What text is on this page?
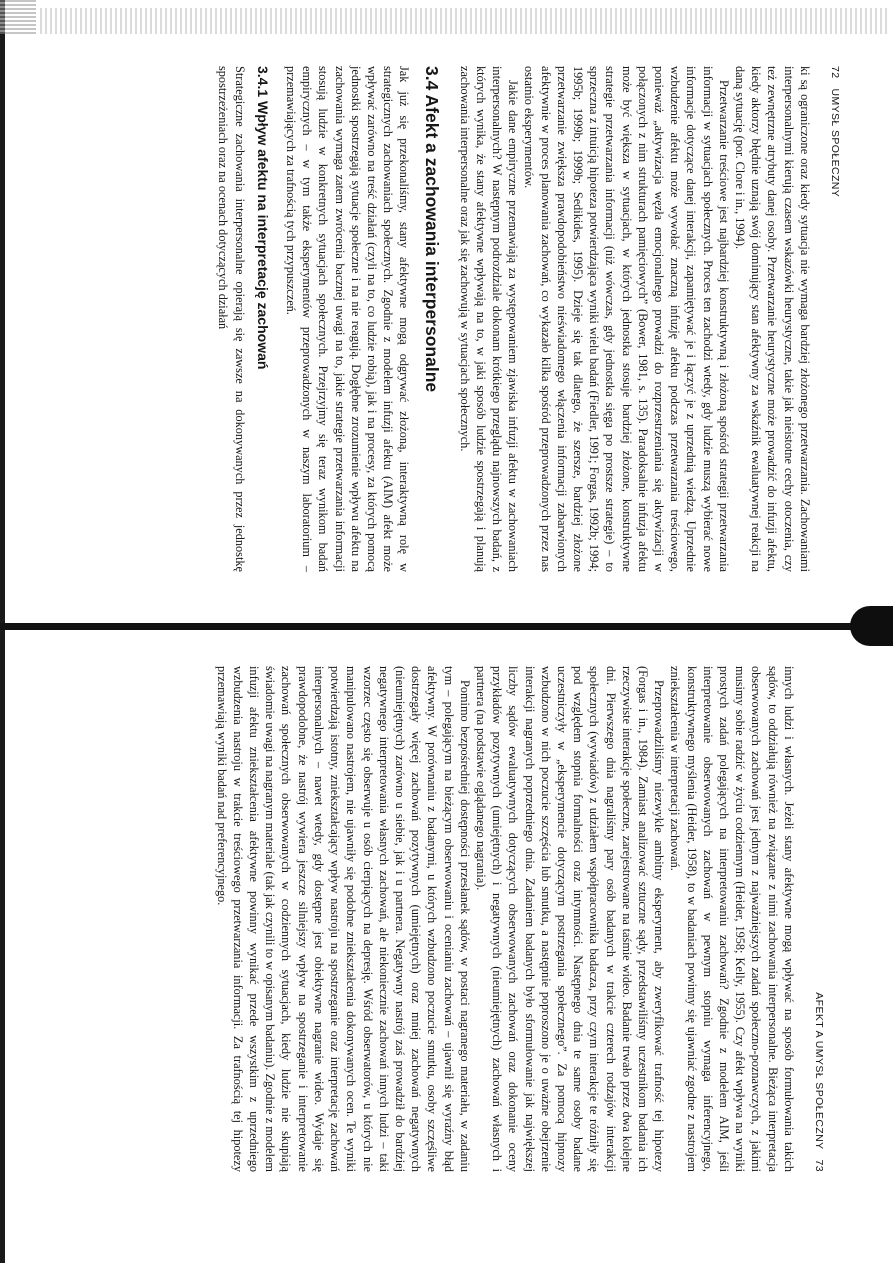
72
UMYSŁ SPOŁECZNY

ki są ograniczone oraz kiedy sytuacja nie wymaga bardziej złożonego przetwarzania. Zachowaniami interpersonalnymi kierują czasem wskazówki heurystyczne, takie jak nieistotne cechy otoczenia, czy też zewnętrzne atrybuty danej osoby. Przetwarzanie heurystyczne może prowadzić do infuzji afektu, kiedy aktorzy błędnie uznają swój dominujący stan afektywny za wskaźnik ewaluatywnej reakcji na daną sytuację (por. Clore i in., 1994).

Przetwarzanie treściowe jest najbardziej konstruktywną i złożoną spośród strategii przetwarzania informacji w sytuacjach społecznych. Proces ten zachodzi wtedy, gdy ludzie muszą wybierać nowe informacje dotyczące danej interakcji, zapamiętywać je i łączyć je z uprzednią wiedzą. Uprzednie wzbudzenie afektu może wywołać znaczną infuzję afektu podczas przetwarzania treściowego, ponieważ „aktywizacja węzła emocjonalnego prowadzi do rozprzestrzeniania się aktywizacji w połączonych z nim strukturach pamięciowych” (Bower, 1981, s. 135). Paradoksalnie infuzja afektu może być większa w sytuacjach, w których jednostka stosuje bardziej złożone, konstruktywne strategie przetwarzania informacji (niż wówczas, gdy jednostka sięga po prostsze strategie) – to sprzeczna z intuicją hipoteza potwierdzająca wyniki wielu badań (Fiedler, 1991; Forgas, 1992b; 1994; 1995b; 1999b; 1999b; Sedikides, 1995). Dzieje się tak dlatego, że szersze, bardziej złożone przetwarzanie zwiększa prawdopodobieństwo nieświadomego włączenia informacji zabarwionych afektywnie w proces planowania zachowań, co wykazało kilka spośród przeprowadzonych przez nas ostatnio eksperymentów.

Jakie dane empiryczne przemawiają za występowaniem zjawiska infuzji afektu w zachowaniach interpersonalnych? W następnym podrozdziale dokonam krótkiego przeglądu najnowszych badań, z których wynika, że stany afektywne wpływają na to, w jaki sposób ludzie spostrzegają i planują zachowania interpersonalne oraz jak się zachowują w sytuacjach społecznych.

3.4 Afekt a zachowania interpersonalne

Jak już się przekonaliśmy, stany afektywne mogą odgrywać złożoną, interaktywną rolę w strategicznych zachowaniach społecznych. Zgodnie z modelem infuzji afektu (AIM) afekt może wpływać zarówno na treść działań (czyli na to, co ludzie robią), jak i na procesy, za których pomocą jednostki spostrzegają sytuacje społeczne i na nie reagują. Dogłębne zrozumienie wpływu afektu na zachowania wymaga zatem zwrócenia bacznej uwagi na to, jakie strategie przetwarzania informacji stosują ludzie w konkretnych sytuacjach społecznych. Przejrzyjmy się teraz wynikom badań empirycznych – w tym także eksperymentów przeprowadzonych w naszym laboratorium – przemawiających za trafnością tych przypuszczeń.

3.4.1 Wpływ afektu na interpretację zachowań

Strategiczne zachowania interpersonalne opierają się zawsze na dokonywanych przez jednostkę spostrzeżeniach oraz na ocenach dotyczących działań

AFEKT A UMYSŁ SPOŁECZNY
73

innych ludzi i własnych. Jeżeli stany afektywne mogą wpływać na sposób formułowania takich sądów, to oddziałują również na związane z nimi zachowania interpersonalne. Bieżąca interpretacja obserwowanych zachowań jest jednym z najważniejszych zadań społeczno-poznawczych, z jakimi musimy sobie radzić w życiu codziennym (Heider, 1958; Kelly, 1955). Czy afekt wpływa na wyniki prostych zadań polegających na interpretowaniu zachowań? Zgodnie z modelem AIM, jeśli interpretowanie obserwowanych zachowań w pewnym stopniu wymaga inferencyjnego, konstruktywnego myślenia (Heider, 1958), to w badaniach powinny się ujawniać zgodne z nastrojem zniekształcenia w interpretacji zachowań.

Przeprowadziliśmy niezwykle ambitny eksperyment, aby zweryfikować trafność tej hipotezy (Forgas i in., 1984). Zamiast analizować sztuczne sądy, przedstawiliśmy uczestnikom badania ich rzeczywiste interakcje społeczne, zarejestrowane na taśmie wideo. Badanie trwało przez dwa kolejne dni. Pierwszego dnia nagraliśmy pary osób badanych w trakcie czterech rodzajów interakcji społecznych (wywiadów) z udziałem współpracownika badacza, przy czym interakcje te różniły się pod względem stopnia formalności oraz intymności. Następnego dnia te same osoby badane uczestniczyły w „eksperymencie dotyczącym postrzegania społecznego”. Za pomocą hipnozy wzbudzono w nich poczucie szczęścia lub smutku, a następnie poproszono je o uważne obejrzenie interakcji nagranych poprzedniego dnia. Zadaniem badanych było sformułowanie jak największej liczby sądów ewaluatywnych dotyczących obserwowanych zachowań oraz dokonanie oceny przykładów pozytywnych (umiejętnych) i negatywnych (nieumiejętnych) zachowań własnych i partnera (na podstawie oglądanego nagrania).

Pomimo bezpośredniej dostępności przesłanek sądów, w postaci nagranego materiału, w zadaniu tym – polegającym na bieżącym obserwowaniu i ocenianiu zachowań – ujawnił się wyraźny błąd afektywny. W porównaniu z badanymi, u których wzbudzono poczucie smutku, osoby szczęśliwe dostrzegały więcej zachowań pozytywnych (umiejętnych) oraz mniej zachowań negatywnych (nieumiejętnych) zarówno u siebie, jak i u partnera. Negatywny nastrój zaś prowadził do bardziej negatywnego interpretowania własnych zachowań, ale niekoniecznie zachowań innych ludzi – taki wzorzec często się obserwuje u osób cierpiących na depresję. Wśród obserwatorów, u których nie manipulowano nastrojem, nie ujawniły się podobne zniekształcenia dokonywanych ocen. Te wyniki potwierdzają istotny, zniekształcający wpływ nastroju na spostrzeganie oraz interpretację zachowań interpersonalnych – nawet wtedy, gdy dostępne jest obiektywne nagranie wideo. Wydaje się prawdopodobne, że nastrój wywiera jeszcze silniejszy wpływ na spostrzeganie i interpretowanie zachowań społecznych obserwowanych w codziennych sytuacjach, kiedy ludzie nie skupiają świadomie uwagi na nagranym materiale (tak jak czynili to w opisanym badaniu). Zgodnie z modelem infuzji afektu zniekształcenia afektywne powinny wynikać przede wszystkim z uprzedniego wzbudzenia nastroju w trakcie treściowego przetwarzania informacji. Za trafnością tej hipotezy przemawiają wyniki badań nad preferencyjnego.
